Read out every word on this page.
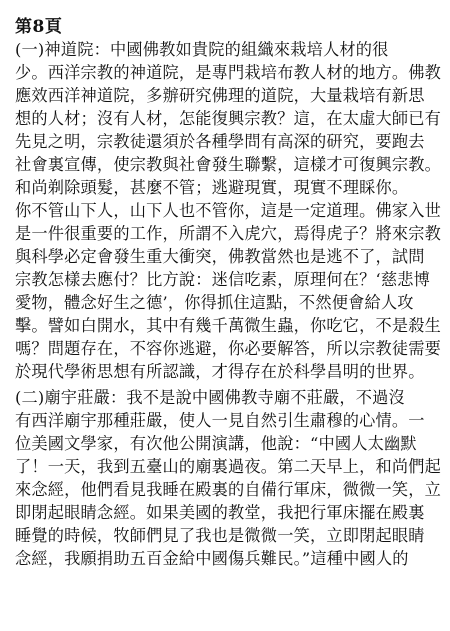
第8頁
(一)神道院：中國佛教如貴院的組織來栽培人材的很
少。西洋宗教的神道院，是專門栽培布教人材的地方。佛教
應效西洋神道院，多辦研究佛理的道院，大量栽培有新思
想的人材；沒有人材，怎能復興宗教？這，在太虛大師已有
先見之明，宗教徒還須於各種學問有高深的研究，要跑去
社會裏宣傳，使宗教與社會發生聯繫，這樣才可復興宗教。
和尚剃除頭髮，甚麼不管；逃避現實，現實不理睬你。
你不管山下人，山下人也不管你，這是一定道理。佛家入世
是一件很重要的工作，所謂不入虎穴，焉得虎子？將來宗教
與科學必定會發生重大衝突，佛教當然也是逃不了，試問
宗教怎樣去應付？比方說：迷信吃素，原理何在？‘慈悲博
愛物，體念好生之德’，你得抓住這點，不然便會給人攻
擊。譬如白開水，其中有幾千萬微生蟲，你吃它，不是殺生
嗎？問題存在，不容你逃避，你必要解答，所以宗教徒需要
於現代學術思想有所認識，才得存在於科學昌明的世界。
(二)廟宇莊嚴：我不是說中國佛教寺廟不莊嚴，不過沒
有西洋廟宇那種莊嚴，使人一見自然引生肅穆的心情。一
位美國文學家，有次他公開演講，他說：“中國人太幽默
了！一天，我到五臺山的廟裏過夜。第二天早上，和尚們起
來念經，他們看見我睡在殿裏的自備行軍床，微微一笑，立
即閉起眼睛念經。如果美國的教堂，我把行軍床擺在殿裏
睡覺的時候，牧師們見了我也是微微一笑，立即閉起眼睛
念經，我願捐助五百金給中國傷兵難民。”這種中國人的
